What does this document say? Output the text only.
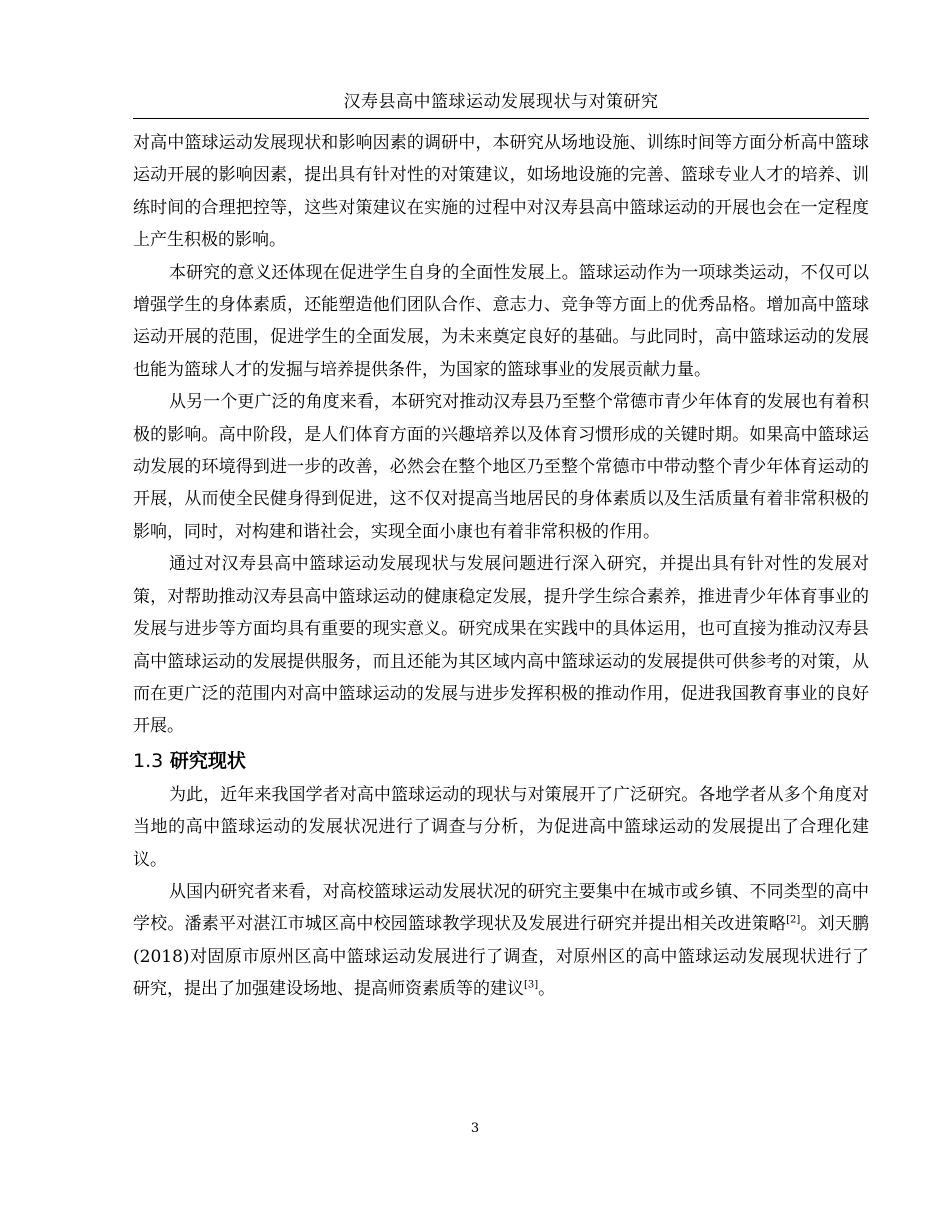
汉寿县高中篮球运动发展现状与对策研究

对高中篮球运动发展现状和影响因素的调研中，本研究从场地设施、训练时间等方面分析高中篮球运动开展的影响因素，提出具有针对性的对策建议，如场地设施的完善、篮球专业人才的培养、训练时间的合理把控等，这些对策建议在实施的过程中对汉寿县高中篮球运动的开展也会在一定程度上产生积极的影响。

本研究的意义还体现在促进学生自身的全面性发展上。篮球运动作为一项球类运动，不仅可以增强学生的身体素质，还能塑造他们团队合作、意志力、竞争等方面上的优秀品格。增加高中篮球运动开展的范围，促进学生的全面发展，为未来奠定良好的基础。与此同时，高中篮球运动的发展也能为篮球人才的发掘与培养提供条件，为国家的篮球事业的发展贡献力量。

从另一个更广泛的角度来看，本研究对推动汉寿县乃至整个常德市青少年体育的发展也有着积极的影响。高中阶段，是人们体育方面的兴趣培养以及体育习惯形成的关键时期。如果高中篮球运动发展的环境得到进一步的改善，必然会在整个地区乃至整个常德市中带动整个青少年体育运动的开展，从而使全民健身得到促进，这不仅对提高当地居民的身体素质以及生活质量有着非常积极的影响，同时，对构建和谐社会，实现全面小康也有着非常积极的作用。

通过对汉寿县高中篮球运动发展现状与发展问题进行深入研究，并提出具有针对性的发展对策，对帮助推动汉寿县高中篮球运动的健康稳定发展，提升学生综合素养，推进青少年体育事业的发展与进步等方面均具有重要的现实意义。研究成果在实践中的具体运用，也可直接为推动汉寿县高中篮球运动的发展提供服务，而且还能为其区域内高中篮球运动的发展提供可供参考的对策，从而在更广泛的范围内对高中篮球运动的发展与进步发挥积极的推动作用，促进我国教育事业的良好开展。

1.3 研究现状

为此，近年来我国学者对高中篮球运动的现状与对策展开了广泛研究。各地学者从多个角度对当地的高中篮球运动的发展状况进行了调查与分析，为促进高中篮球运动的发展提出了合理化建议。

从国内研究者来看，对高校篮球运动发展状况的研究主要集中在城市或乡镇、不同类型的高中学校。潘素平对湛江市城区高中校园篮球教学现状及发展进行研究并提出相关改进策略[2]。刘天鹏(2018)对固原市原州区高中篮球运动发展进行了调查，对原州区的高中篮球运动发展现状进行了研究，提出了加强建设场地、提高师资素质等的建议[3]。

3
